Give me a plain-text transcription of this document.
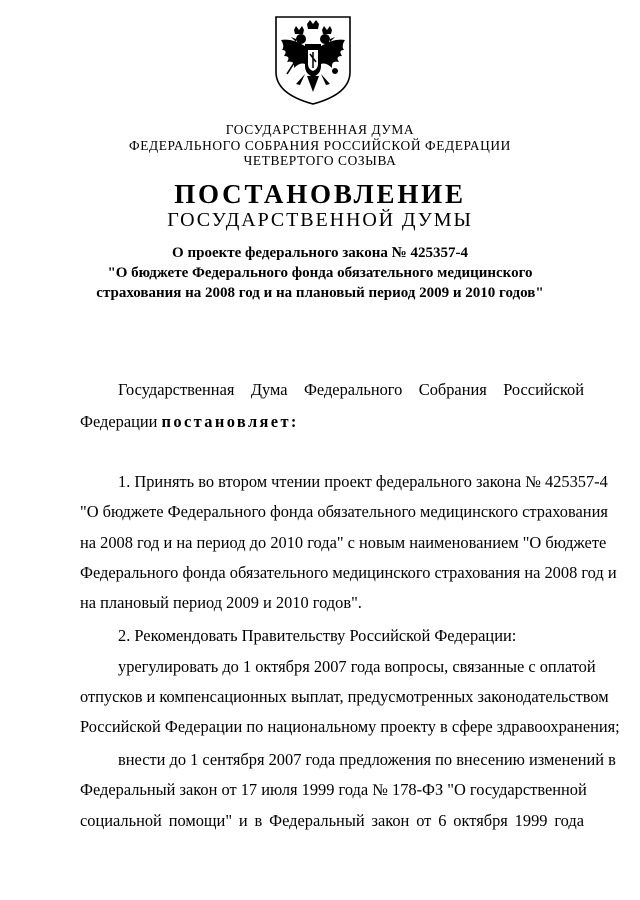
ГОСУДАРСТВЕННАЯ ДУМА
ФЕДЕРАЛЬНОГО СОБРАНИЯ РОССИЙСКОЙ ФЕДЕРАЦИИ
ЧЕТВЕРТОГО СОЗЫВА
ПОСТАНОВЛЕНИЕ
ГОСУДАРСТВЕННОЙ ДУМЫ
О проекте федерального закона № 425357-4
"О бюджете Федерального фонда обязательного медицинского
страхования на 2008 год и на плановый период 2009 и 2010 годов"
Государственная Дума Федерального Собрания Российской
Федерации постановляет:
1. Принять во втором чтении проект федерального закона № 425357-4
"О бюджете Федерального фонда обязательного медицинского страхования
на 2008 год и на период до 2010 года" с новым наименованием "О бюджете
Федерального фонда обязательного медицинского страхования на 2008 год и
на плановый период 2009 и 2010 годов".
2. Рекомендовать Правительству Российской Федерации:
урегулировать до 1 октября 2007 года вопросы, связанные с оплатой
отпусков и компенсационных выплат, предусмотренных законодательством
Российской Федерации по национальному проекту в сфере здравоохранения;
внести до 1 сентября 2007 года предложения по внесению изменений в
Федеральный закон от 17 июля 1999 года № 178-ФЗ "О государственной
социальной помощи" и в Федеральный закон от 6 октября 1999 года
